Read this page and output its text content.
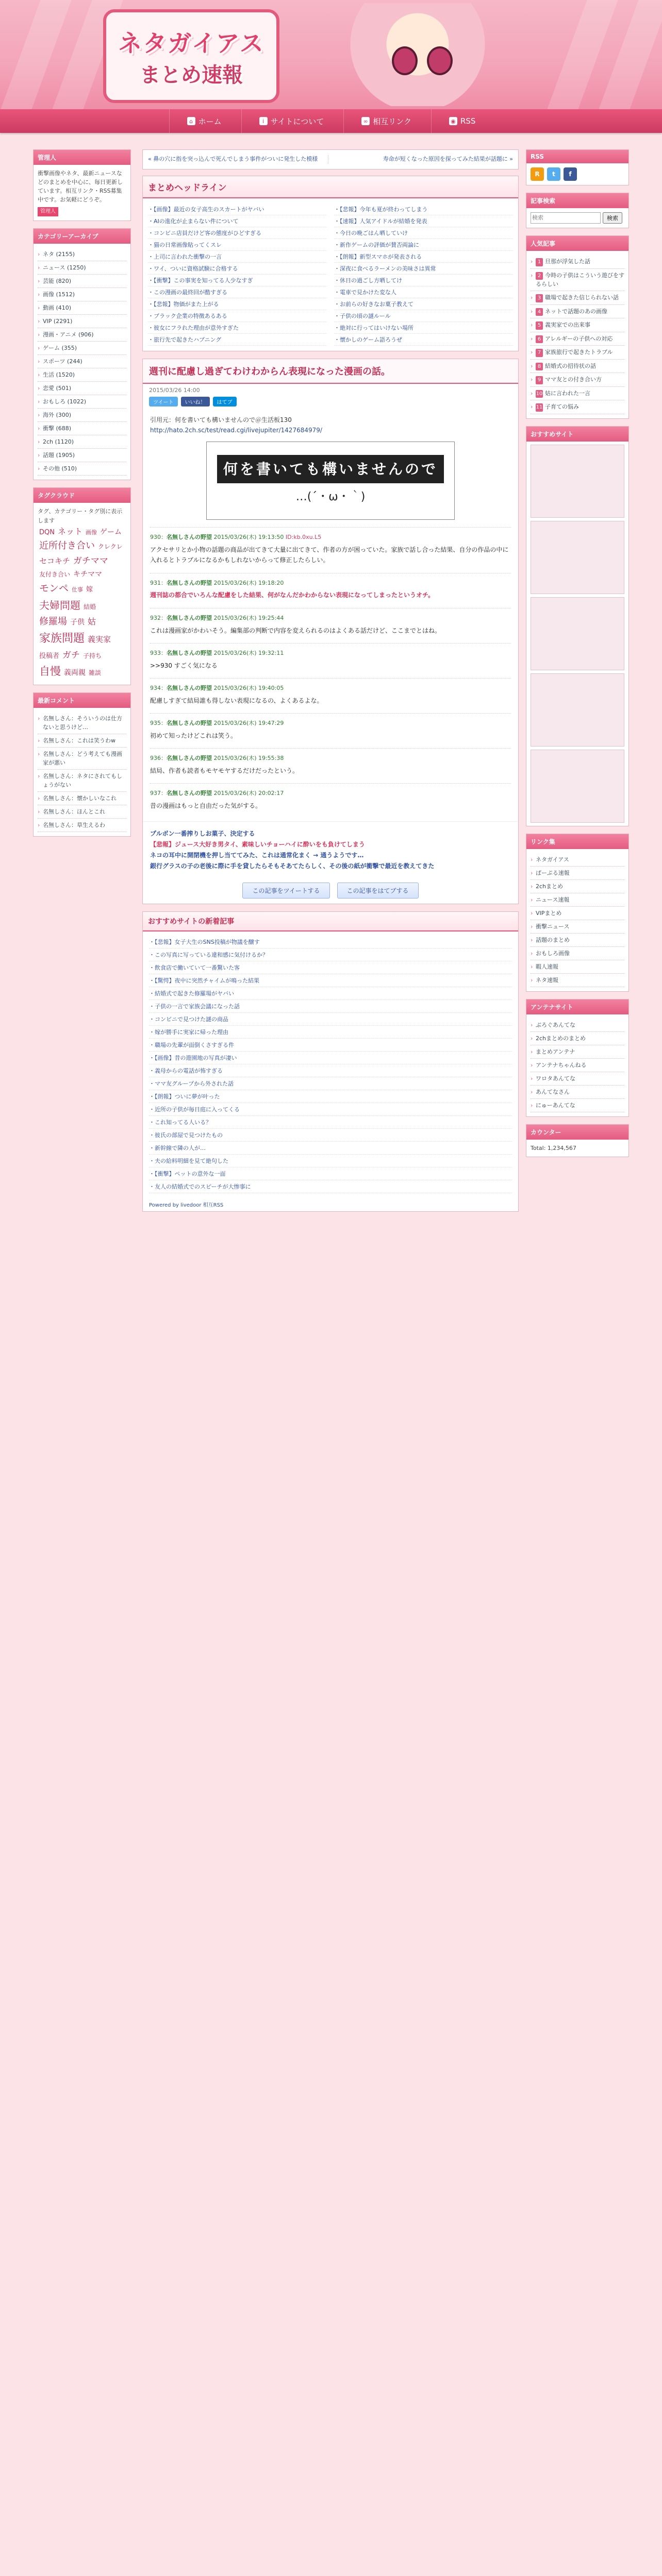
ネタガイアス
まとめ速報
⌂ ホーム	i サイトについて	∞ 相互リンク	◉ RSS
管理人
衝撃画像やネタ、最新ニュースなどのまとめを中心に、毎日更新しています。相互リンク・RSS募集中です。お気軽にどうぞ。
管理人
カテゴリーアーカイブ
› ネタ (2155)
› ニュース (1250)
› 芸能 (820)
› 画像 (1512)
› 動画 (410)
› VIP (2291)
› 漫画・アニメ (906)
› ゲーム (355)
› スポーツ (244)
› 生活 (1520)
› 恋愛 (501)
› おもしろ (1022)
› 海外 (300)
› 衝撃 (688)
› 2ch (1120)
› 話題 (1905)
› その他 (510)
タグクラウド
タグ、カテゴリー・タグ別に表示します
DQN ネット 画像 ゲーム近所付き合い クレクレセコキチ ガチママ友付き合い キチママモンペ 仕事 嫁夫婦問題 結婚修羅場 子供 姑家族問題 義実家投稿者 ガチ 子持ち自慢 義両親 雑談
最新コメント
› 名無しさん：そういうのは仕方ないと思うけど…
› 名無しさん：これは笑うわw
› 名無しさん：どう考えても漫画家が悪い
› 名無しさん：ネタにされてもしょうがない
› 名無しさん：懐かしいなこれ
› 名無しさん：ほんとこれ
› 名無しさん：草生えるわ
« 鼻の穴に指を突っ込んで死んでしまう事件がついに発生した模様	寿命が短くなった原因を探ってみた結果が話題に »
まとめヘッドライン
・【画像】最近の女子高生のスカートがヤバい	・【悲報】今年も夏が終わってしまう
・AIの進化が止まらない件について	・【速報】人気アイドルが結婚を発表
・コンビニ店員だけど客の態度がひどすぎる	・今日の晩ごはん晒していけ
・猫の日常画像貼ってくスレ	・新作ゲームの評価が賛否両論に
・上司に言われた衝撃の一言	・【朗報】新型スマホが発表される
・ワイ、ついに資格試験に合格する	・深夜に食べるラーメンの美味さは異常
・【衝撃】この事実を知ってる人少なすぎ	・休日の過ごし方晒してけ
・この漫画の最終回が酷すぎる	・電車で見かけた変な人
・【悲報】物価がまた上がる	・お前らの好きなお菓子教えて
・ブラック企業の特徴あるある	・子供の頃の謎ルール
・彼女にフラれた理由が意外すぎた	・絶対に行ってはいけない場所
・旅行先で起きたハプニング	・懐かしのゲーム語ろうぜ
週刊に配慮し過ぎてわけわからん表現になった漫画の話。
2015/03/26 14:00
ツイート	いいね！	はてブ
引用元：何を書いても構いませんので＠生活板130
http://hato.2ch.sc/test/read.cgi/livejupiter/1427684979/
何を書いても構いませんので
…(´・ω・｀)
930：名無しさんの野望 2015/03/26(木) 19:13:50 ID:kb.0xu.L5
アクセサリとか小物の話題の商品が出てきて大量に出てきて、作者の方が困っていた。家族で話し合った結果、自分の作品の中に入れるとトラブルになるかもしれないからって修正したらしい。
931：名無しさんの野望 2015/03/26(木) 19:18:20
週刊誌の都合でいろんな配慮をした結果、何がなんだかわからない表現になってしまったというオチ。
932：名無しさんの野望 2015/03/26(木) 19:25:44
これは漫画家がかわいそう。編集部の判断で内容を変えられるのはよくある話だけど、ここまでとはね。
933：名無しさんの野望 2015/03/26(木) 19:32:11
>>930 すごく気になる
934：名無しさんの野望 2015/03/26(木) 19:40:05
配慮しすぎて結局誰も得しない表現になるの、よくあるよな。
935：名無しさんの野望 2015/03/26(木) 19:47:29
初めて知ったけどこれは笑う。
936：名無しさんの野望 2015/03/26(木) 19:55:38
結局、作者も読者もモヤモヤするだけだったという。
937：名無しさんの野望 2015/03/26(木) 20:02:17
昔の漫画はもっと自由だった気がする。
プルボン一番搾りしお菓子、決定する
【悲報】ジュース大好き男タイ、素味しいチョーハイに酔いをも負けてしまう
ネコの耳中に開閉機を押し当ててみた、これは通常化まく → 通うようです…
銀行グラスの子の老後に際に手を貸したらそもそあてたらしく、その後の紙が衝撃で最近を教えてきた
この記事をツイートする	この記事をはてブする
おすすめサイトの新着記事
・【悲報】女子大生のSNS投稿が物議を醸す
・この写真に写っている違和感に気付けるか？
・飲食店で働いていて一番驚いた客
・【驚愕】夜中に突然チャイムが鳴った結果
・結婚式で起きた修羅場がヤバい
・子供の一言で家族会議になった話
・コンビニで見つけた謎の商品
・嫁が勝手に実家に帰った理由
・職場の先輩が面倒くさすぎる件
・【画像】昔の遊園地の写真が凄い
・義母からの電話が怖すぎる
・ママ友グループから外された話
・【朗報】ついに夢が叶った
・近所の子供が毎日庭に入ってくる
・これ知ってる人いる？
・彼氏の部屋で見つけたもの
・新幹線で隣の人が…
・夫の給料明細を見て絶句した
・【衝撃】ペットの意外な一面
・友人の結婚式でのスピーチが大惨事に
Powered by livedoor 相互RSS
RSS
R	t	f
記事検索
検索
検索
人気記事
› 1 旦那が浮気した話
› 2 今時の子供はこういう遊びをするらしい
› 3 職場で起きた信じられない話
› 4 ネットで話題のあの画像
› 5 義実家での出来事
› 6 アレルギーの子供への対応
› 7 家族旅行で起きたトラブル
› 8 結婚式の招待状の話
› 9 ママ友との付き合い方
› 10 姑に言われた一言
› 11 子育ての悩み
おすすめサイト
リンク集
› ネタガイアス
› ぱーぷる速報
› 2chまとめ
› ニュース速報
› VIPまとめ
› 衝撃ニュース
› 話題のまとめ
› おもしろ画像
› 暇人速報
› ネタ速報
アンテナサイト
› ぶろぐあんてな
› 2chまとめのまとめ
› まとめアンテナ
› アンテナちゃんねる
› ワロタあんてな
› あんてなさん
› にゅーあんてな
カウンター
Total: 1,234,567
